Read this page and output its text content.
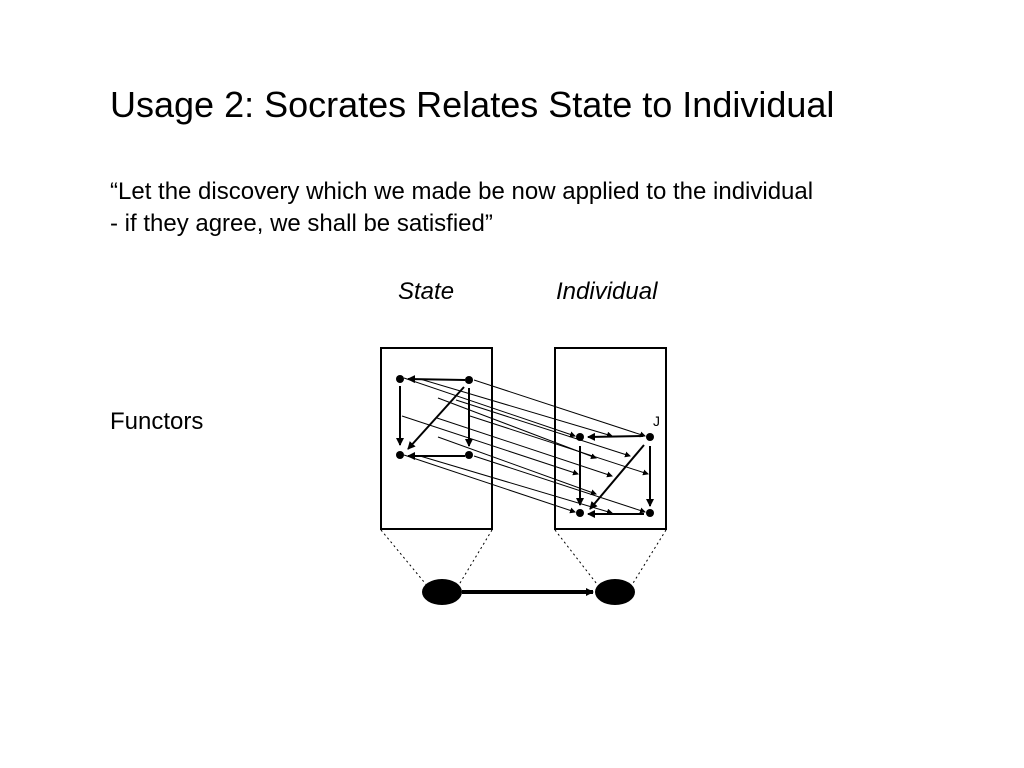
Usage 2: Socrates Relates State to Individual
“Let the discovery which we made be now applied to the individual
- if they agree, we shall be satisfied”
State	Individual
Functors	J
